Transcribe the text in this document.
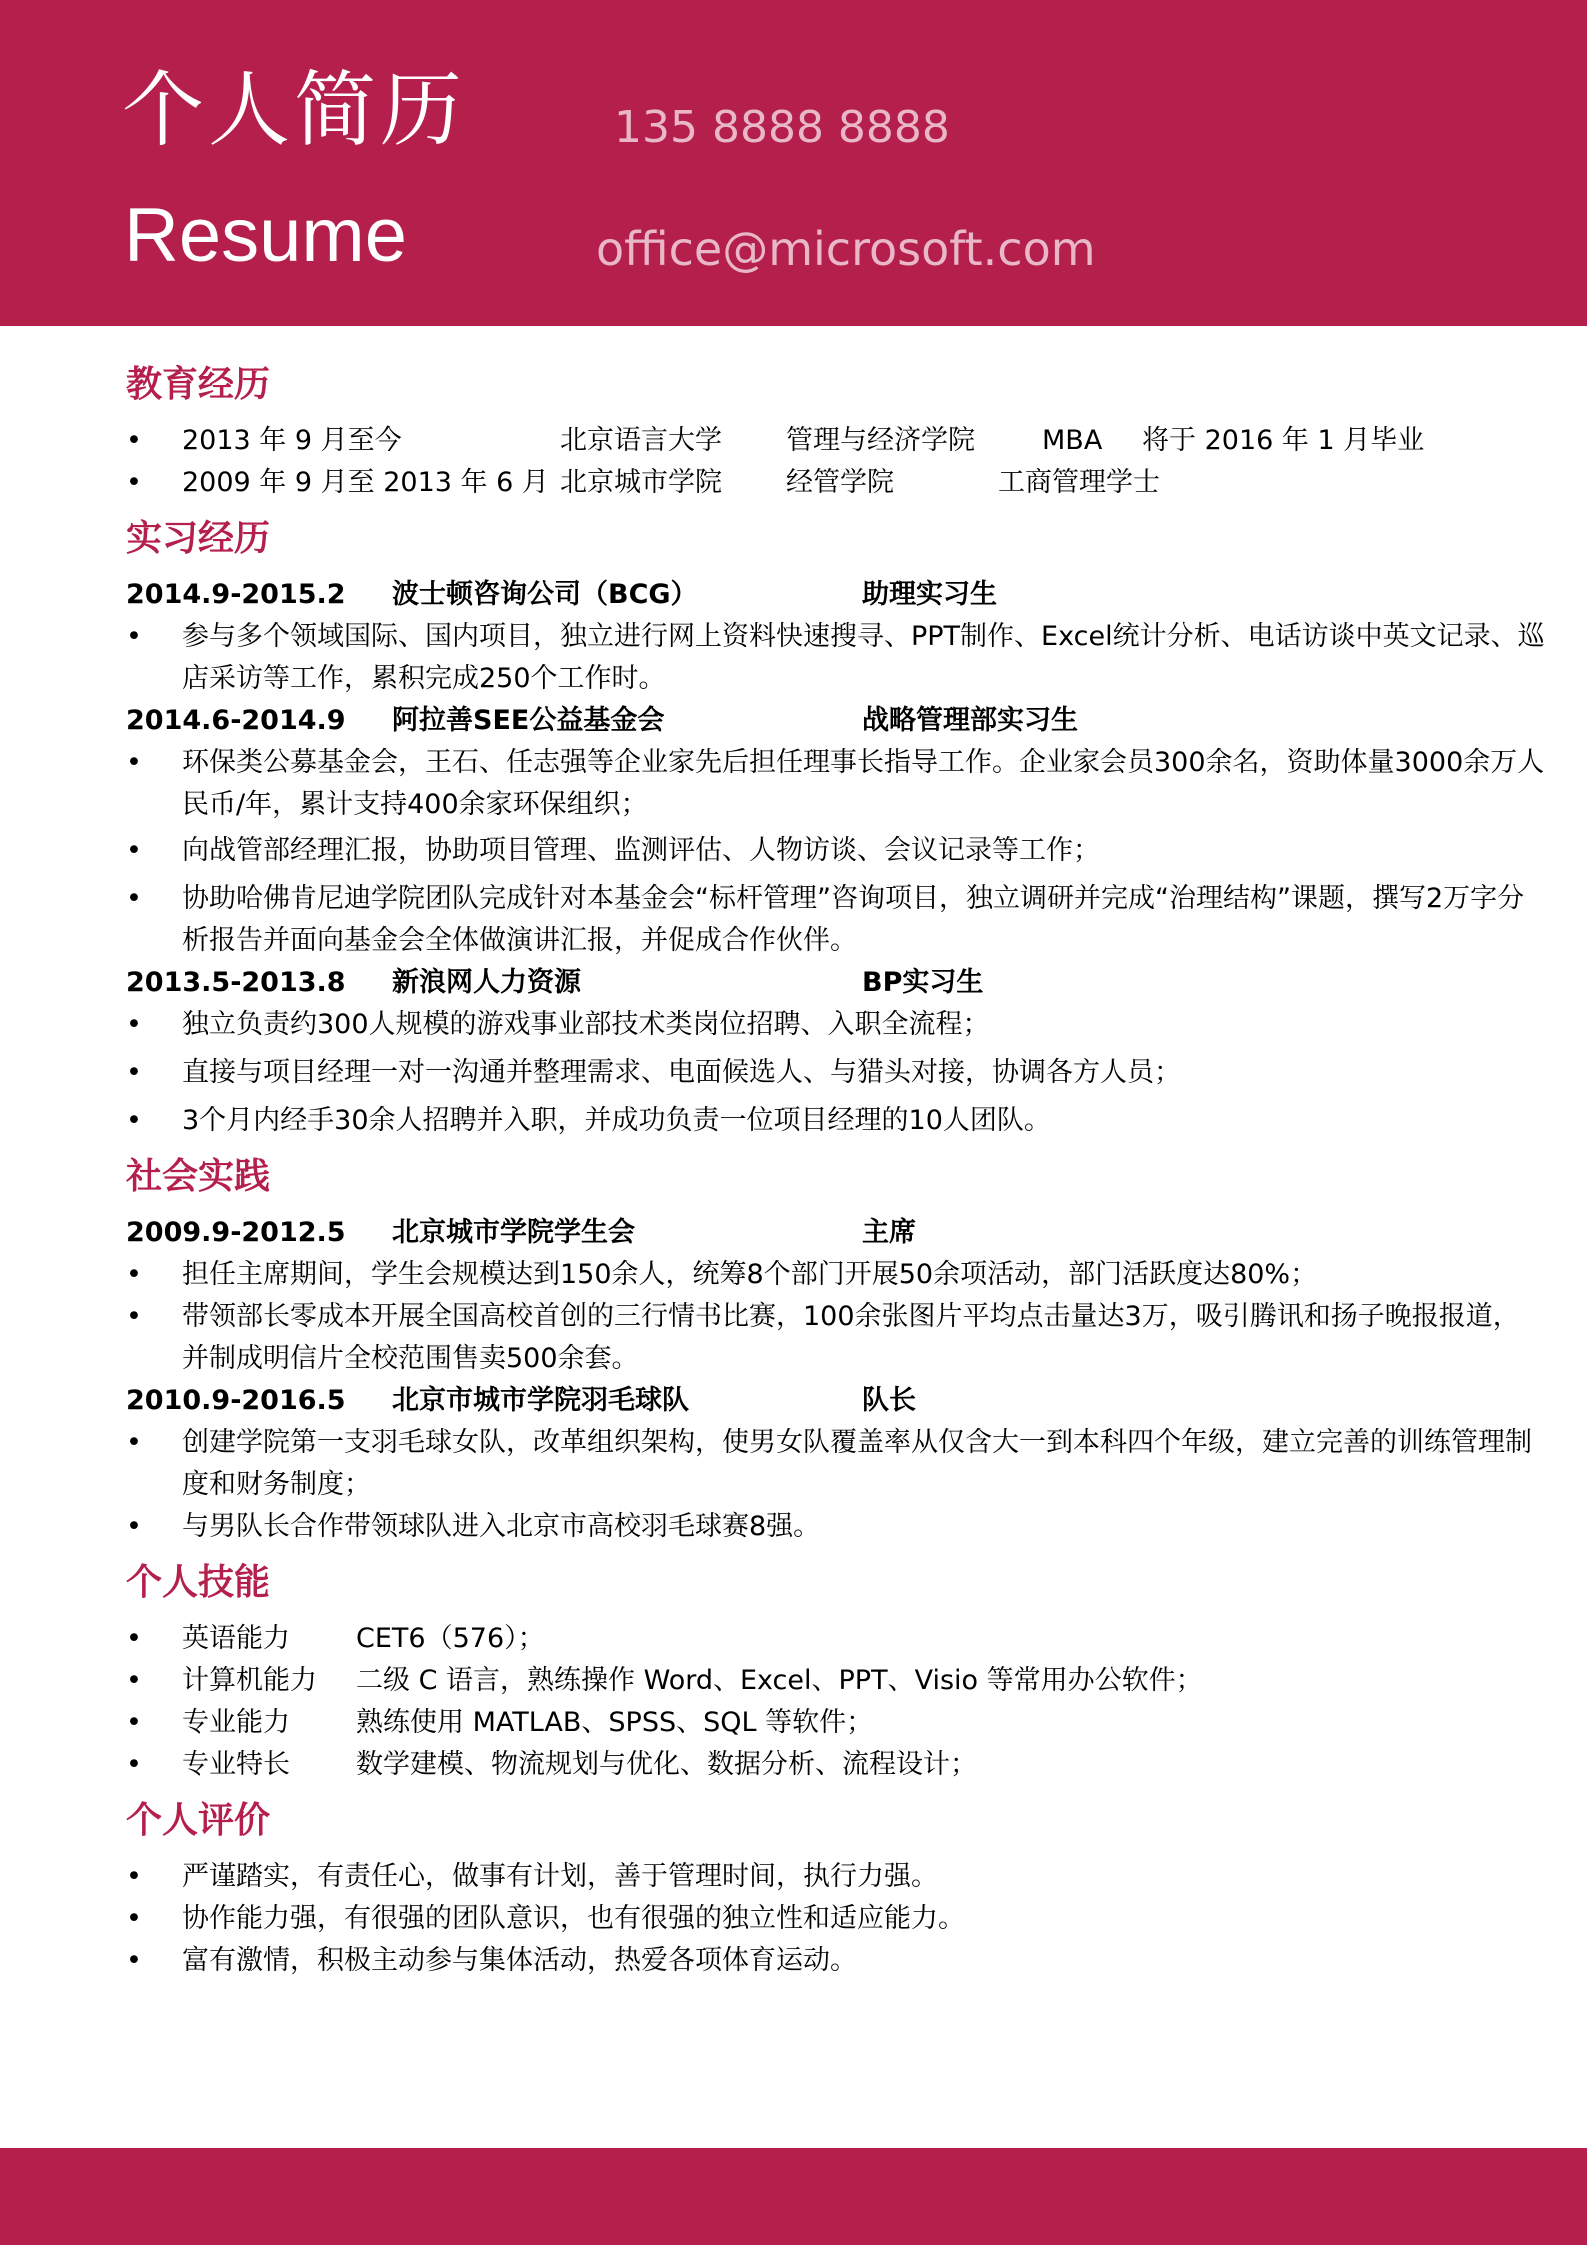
个人简历
Resume
135 8888 8888
office@microsoft.com
教育经历
• 2013 年 9 月至今	北京语言大学 管理与经济学院 MBA 将于 2016 年 1 月毕业
• 2009 年 9 月至 2013 年 6 月 北京城市学院 经管学院	工商管理学士
实习经历
2014.9-2015.2 波士顿咨询公司（BCG）	助理实习生
• 参与多个领域国际、国内项目，独立进行网上资料快速搜寻、PPT制作、Excel统计分析、电话访谈中英文记录、巡店采访等工作，累积完成250个工作时。
2014.6-2014.9 阿拉善SEE公益基金会	战略管理部实习生
• 环保类公募基金会，王石、任志强等企业家先后担任理事长指导工作。企业家会员300余名，资助体量3000余万人民币/年，累计支持400余家环保组织；
• 向战管部经理汇报，协助项目管理、监测评估、人物访谈、会议记录等工作；
• 协助哈佛肯尼迪学院团队完成针对本基金会“标杆管理”咨询项目，独立调研并完成“治理结构”课题，撰写2万字分析报告并面向基金会全体做演讲汇报，并促成合作伙伴。
2013.5-2013.8 新浪网人力资源	BP实习生
• 独立负责约300人规模的游戏事业部技术类岗位招聘、入职全流程；
• 直接与项目经理一对一沟通并整理需求、电面候选人、与猎头对接，协调各方人员；
• 3个月内经手30余人招聘并入职，并成功负责一位项目经理的10人团队。
社会实践
2009.9-2012.5 北京城市学院学生会	主席
• 担任主席期间，学生会规模达到150余人，统筹8个部门开展50余项活动，部门活跃度达80%；
• 带领部长零成本开展全国高校首创的三行情书比赛，100余张图片平均点击量达3万，吸引腾讯和扬子晚报报道，并制成明信片全校范围售卖500余套。
2010.9-2016.5 北京市城市学院羽毛球队	队长
• 创建学院第一支羽毛球女队，改革组织架构，使男女队覆盖率从仅含大一到本科四个年级，建立完善的训练管理制度和财务制度；
• 与男队长合作带领球队进入北京市高校羽毛球赛8强。
个人技能
• 英语能力 CET6（576）；
• 计算机能力 二级 C 语言，熟练操作 Word、Excel、PPT、Visio 等常用办公软件；
• 专业能力 熟练使用 MATLAB、SPSS、SQL 等软件；
• 专业特长 数学建模、物流规划与优化、数据分析、流程设计；
个人评价
• 严谨踏实，有责任心，做事有计划，善于管理时间，执行力强。
• 协作能力强，有很强的团队意识，也有很强的独立性和适应能力。
• 富有激情，积极主动参与集体活动，热爱各项体育运动。
